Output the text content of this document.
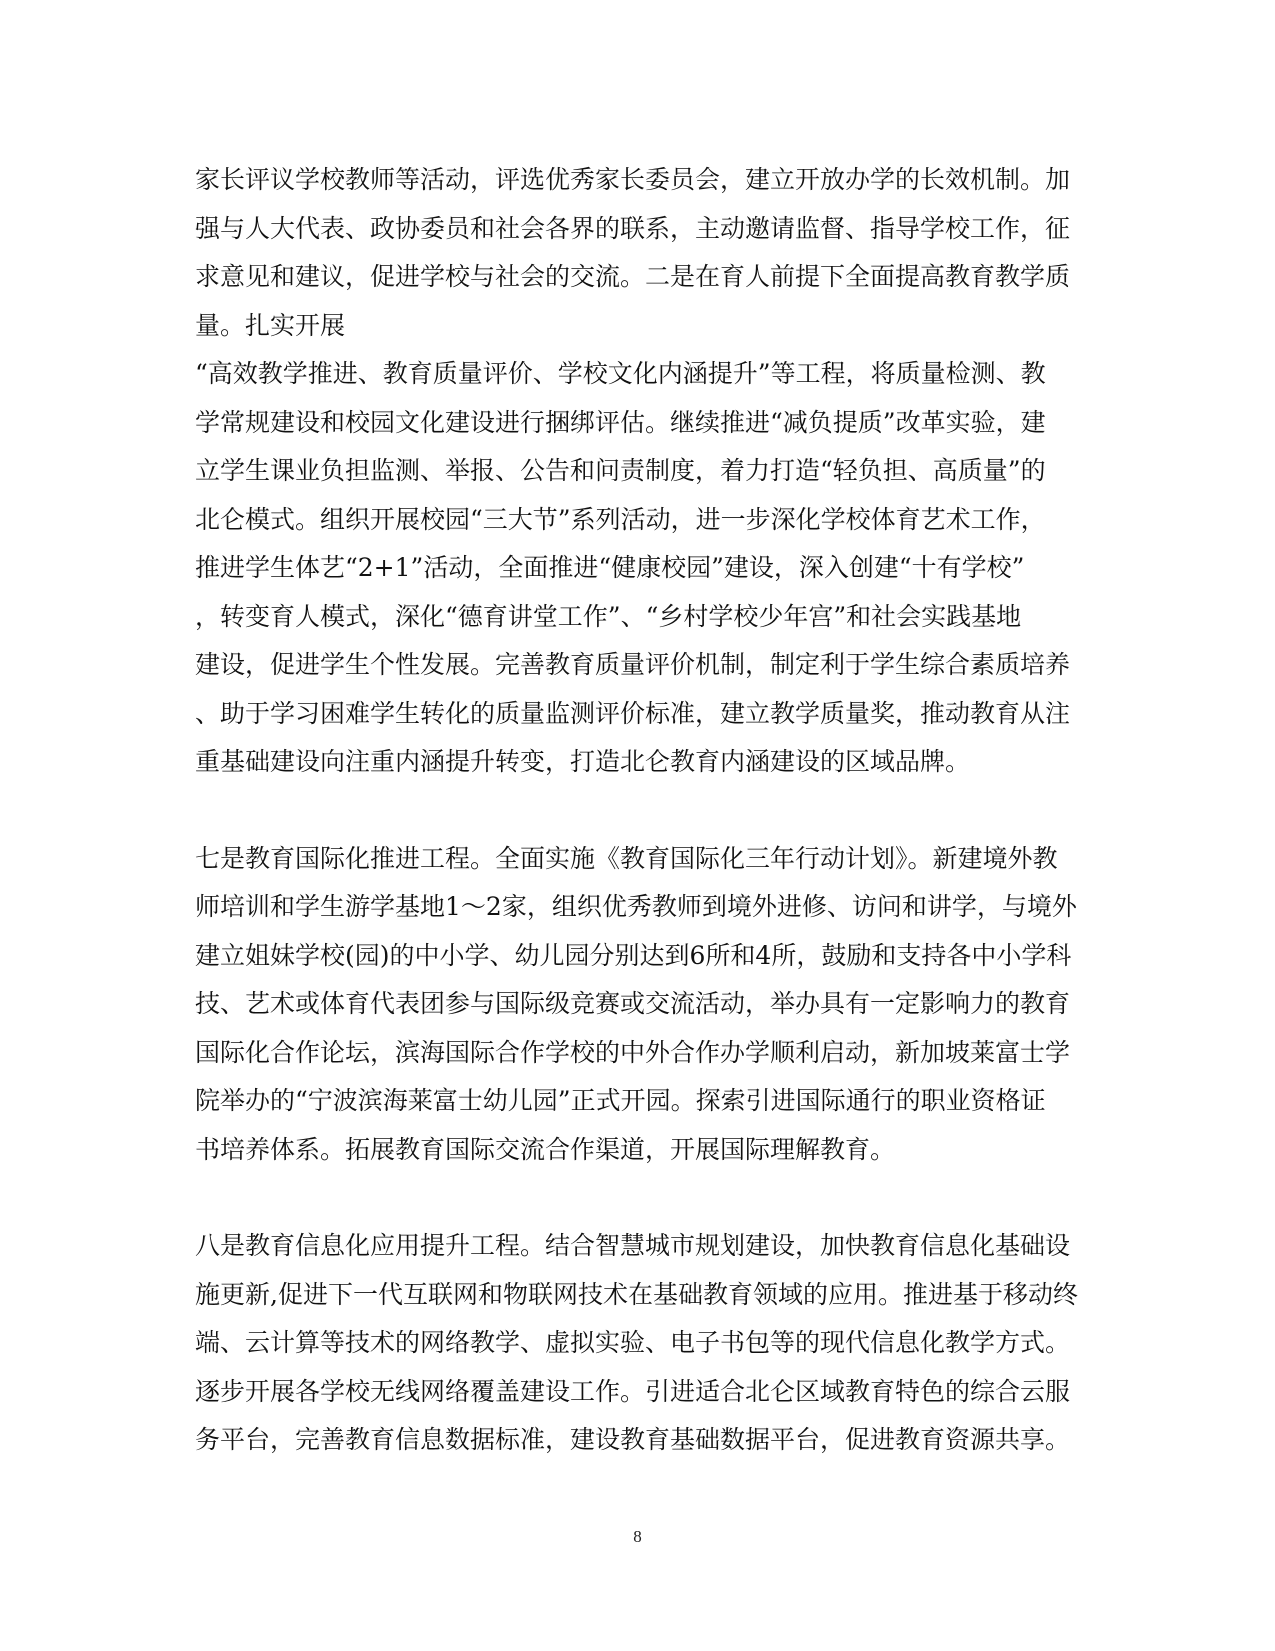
家长评议学校教师等活动，评选优秀家长委员会，建立开放办学的长效机制。加
强与人大代表、政协委员和社会各界的联系，主动邀请监督、指导学校工作，征
求意见和建议，促进学校与社会的交流。二是在育人前提下全面提高教育教学质
量。扎实开展
“高效教学推进、教育质量评价、学校文化内涵提升”等工程，将质量检测、教
学常规建设和校园文化建设进行捆绑评估。继续推进“减负提质”改革实验，建
立学生课业负担监测、举报、公告和问责制度，着力打造“轻负担、高质量”的
北仑模式。组织开展校园“三大节”系列活动，进一步深化学校体育艺术工作，
推进学生体艺“2+1”活动，全面推进“健康校园”建设，深入创建“十有学校”
，转变育人模式，深化“德育讲堂工作”、“乡村学校少年宫”和社会实践基地
建设，促进学生个性发展。完善教育质量评价机制，制定利于学生综合素质培养
、助于学习困难学生转化的质量监测评价标准，建立教学质量奖，推动教育从注
重基础建设向注重内涵提升转变，打造北仑教育内涵建设的区域品牌。
七是教育国际化推进工程。全面实施《教育国际化三年行动计划》。新建境外教
师培训和学生游学基地1～2家，组织优秀教师到境外进修、访问和讲学，与境外
建立姐妹学校(园)的中小学、幼儿园分别达到6所和4所，鼓励和支持各中小学科
技、艺术或体育代表团参与国际级竞赛或交流活动，举办具有一定影响力的教育
国际化合作论坛，滨海国际合作学校的中外合作办学顺利启动，新加坡莱富士学
院举办的“宁波滨海莱富士幼儿园”正式开园。探索引进国际通行的职业资格证
书培养体系。拓展教育国际交流合作渠道，开展国际理解教育。
八是教育信息化应用提升工程。结合智慧城市规划建设，加快教育信息化基础设
施更新,促进下一代互联网和物联网技术在基础教育领域的应用。推进基于移动终
端、云计算等技术的网络教学、虚拟实验、电子书包等的现代信息化教学方式。
逐步开展各学校无线网络覆盖建设工作。引进适合北仑区域教育特色的综合云服
务平台，完善教育信息数据标准，建设教育基础数据平台，促进教育资源共享。
8
